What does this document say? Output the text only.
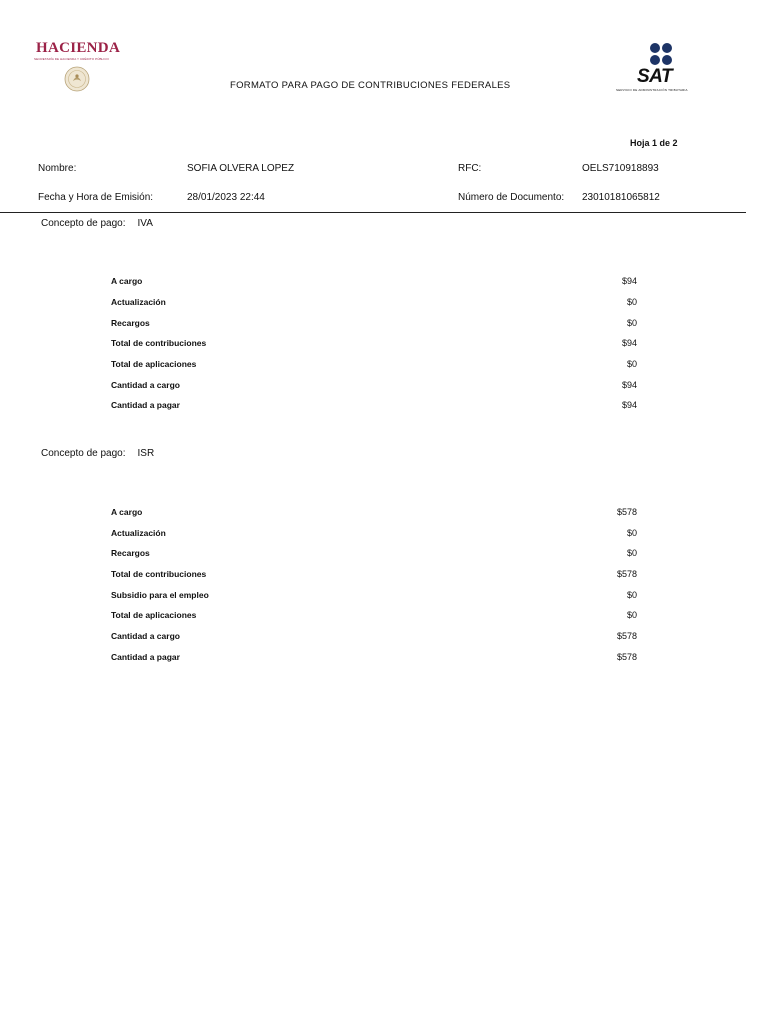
HACIENDA
SECRETARÍA DE HACIENDA Y CRÉDITO PÚBLICO
FORMATO PARA PAGO DE CONTRIBUCIONES FEDERALES	SAT
SERVICIO DE ADMINISTRACIÓN TRIBUTARIA
Hoja 1 de 2
Nombre:	SOFIA OLVERA LOPEZ	RFC:	OELS710918893
Fecha y Hora de Emisión:	28/01/2023 22:44	Número de Documento: 23010181065812
Concepto de pago: IVA
A cargo	$94
Actualización	$0
Recargos	$0
Total de contribuciones	$94
Total de aplicaciones	$0
Cantidad a cargo	$94
Cantidad a pagar	$94
Concepto de pago: ISR
A cargo	$578
Actualización	$0
Recargos	$0
Total de contribuciones	$578
Subsidio para el empleo	$0
Total de aplicaciones	$0
Cantidad a cargo	$578
Cantidad a pagar	$578
